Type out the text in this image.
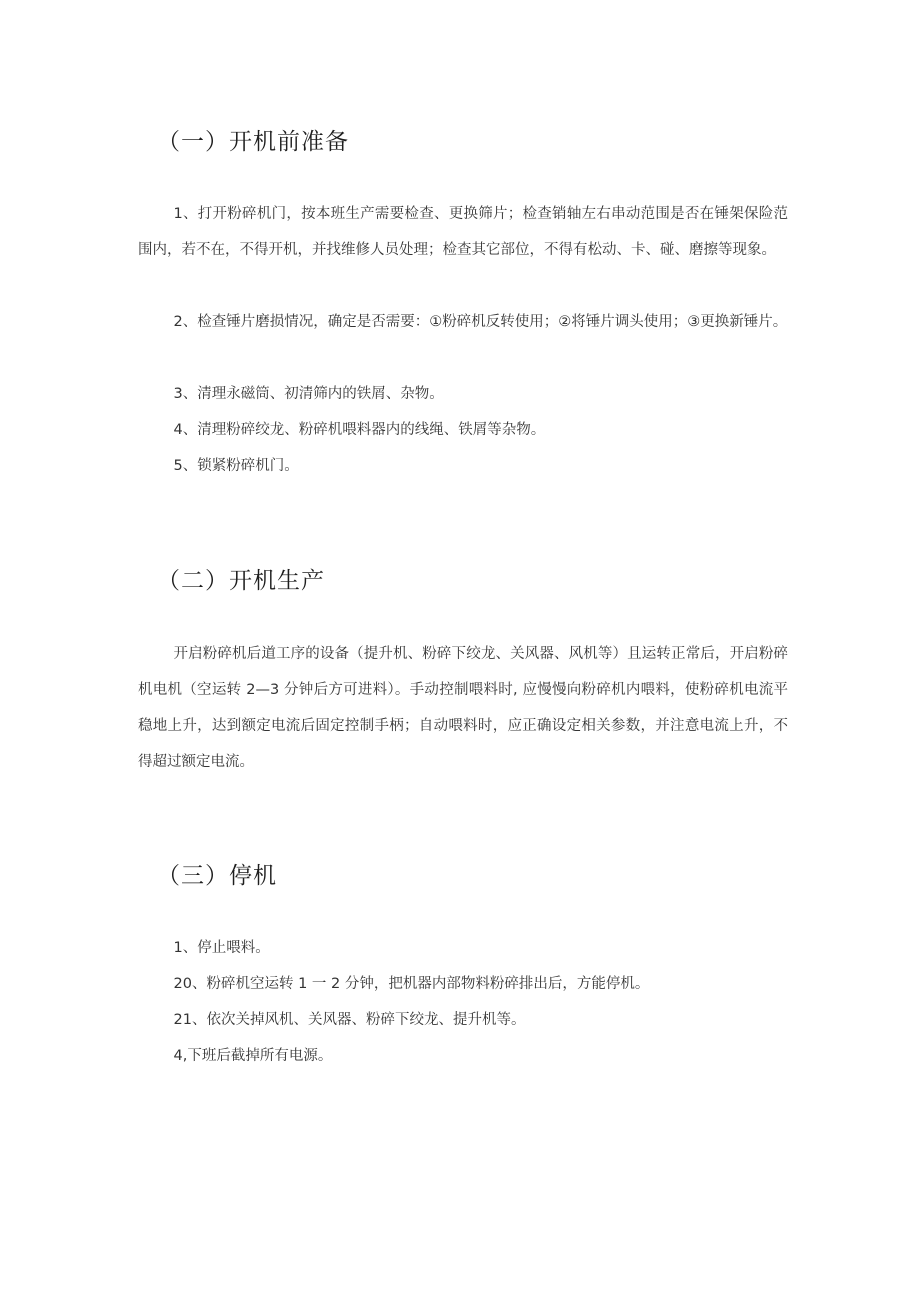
（一）开机前准备
1、打开粉碎机门，按本班生产需要检查、更换筛片；检查销轴左右串动范围是否在锤架保险范围内，若不在，不得开机，并找维修人员处理；检查其它部位，不得有松动、卡、碰、磨擦等现象。
2、检查锤片磨损情况，确定是否需要：①粉碎机反转使用；②将锤片调头使用；③更换新锤片。
3、清理永磁筒、初清筛内的铁屑、杂物。
4、清理粉碎绞龙、粉碎机喂料器内的线绳、铁屑等杂物。
5、锁紧粉碎机门。
（二）开机生产
开启粉碎机后道工序的设备（提升机、粉碎下绞龙、关风器、风机等）且运转正常后，开启粉碎机电机（空运转 2—3 分钟后方可进料）。手动控制喂料时, 应慢慢向粉碎机内喂料，使粉碎机电流平稳地上升，达到额定电流后固定控制手柄；自动喂料时，应正确设定相关参数，并注意电流上升，不得超过额定电流。
（三）停机
1、停止喂料。
20、粉碎机空运转 1 一 2 分钟，把机器内部物料粉碎排出后，方能停机。
21、依次关掉风机、关风器、粉碎下绞龙、提升机等。
4,下班后截掉所有电源。
